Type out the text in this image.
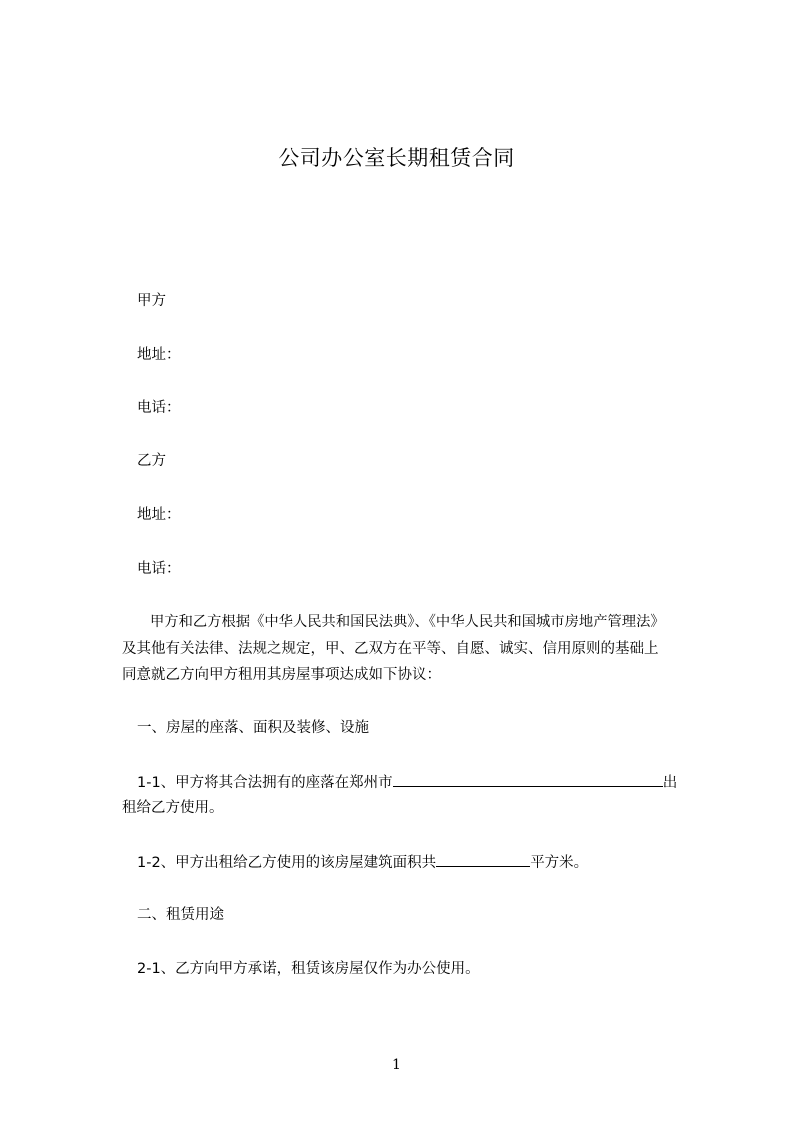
公司办公室长期租赁合同
甲方
地址：
电话：
乙方
地址：
电话：
甲方和乙方根据《中华人民共和国民法典》、《中华人民共和国城市房地产管理法》
及其他有关法律、法规之规定，甲、乙双方在平等、自愿、诚实、信用原则的基础上
同意就乙方向甲方租用其房屋事项达成如下协议：
一、房屋的座落、面积及装修、设施
1-1、甲方将其合法拥有的座落在郑州市	出
租给乙方使用。
1-2、甲方出租给乙方使用的该房屋建筑面积共	平方米。
二、租赁用途
2-1、乙方向甲方承诺，租赁该房屋仅作为办公使用。
1
